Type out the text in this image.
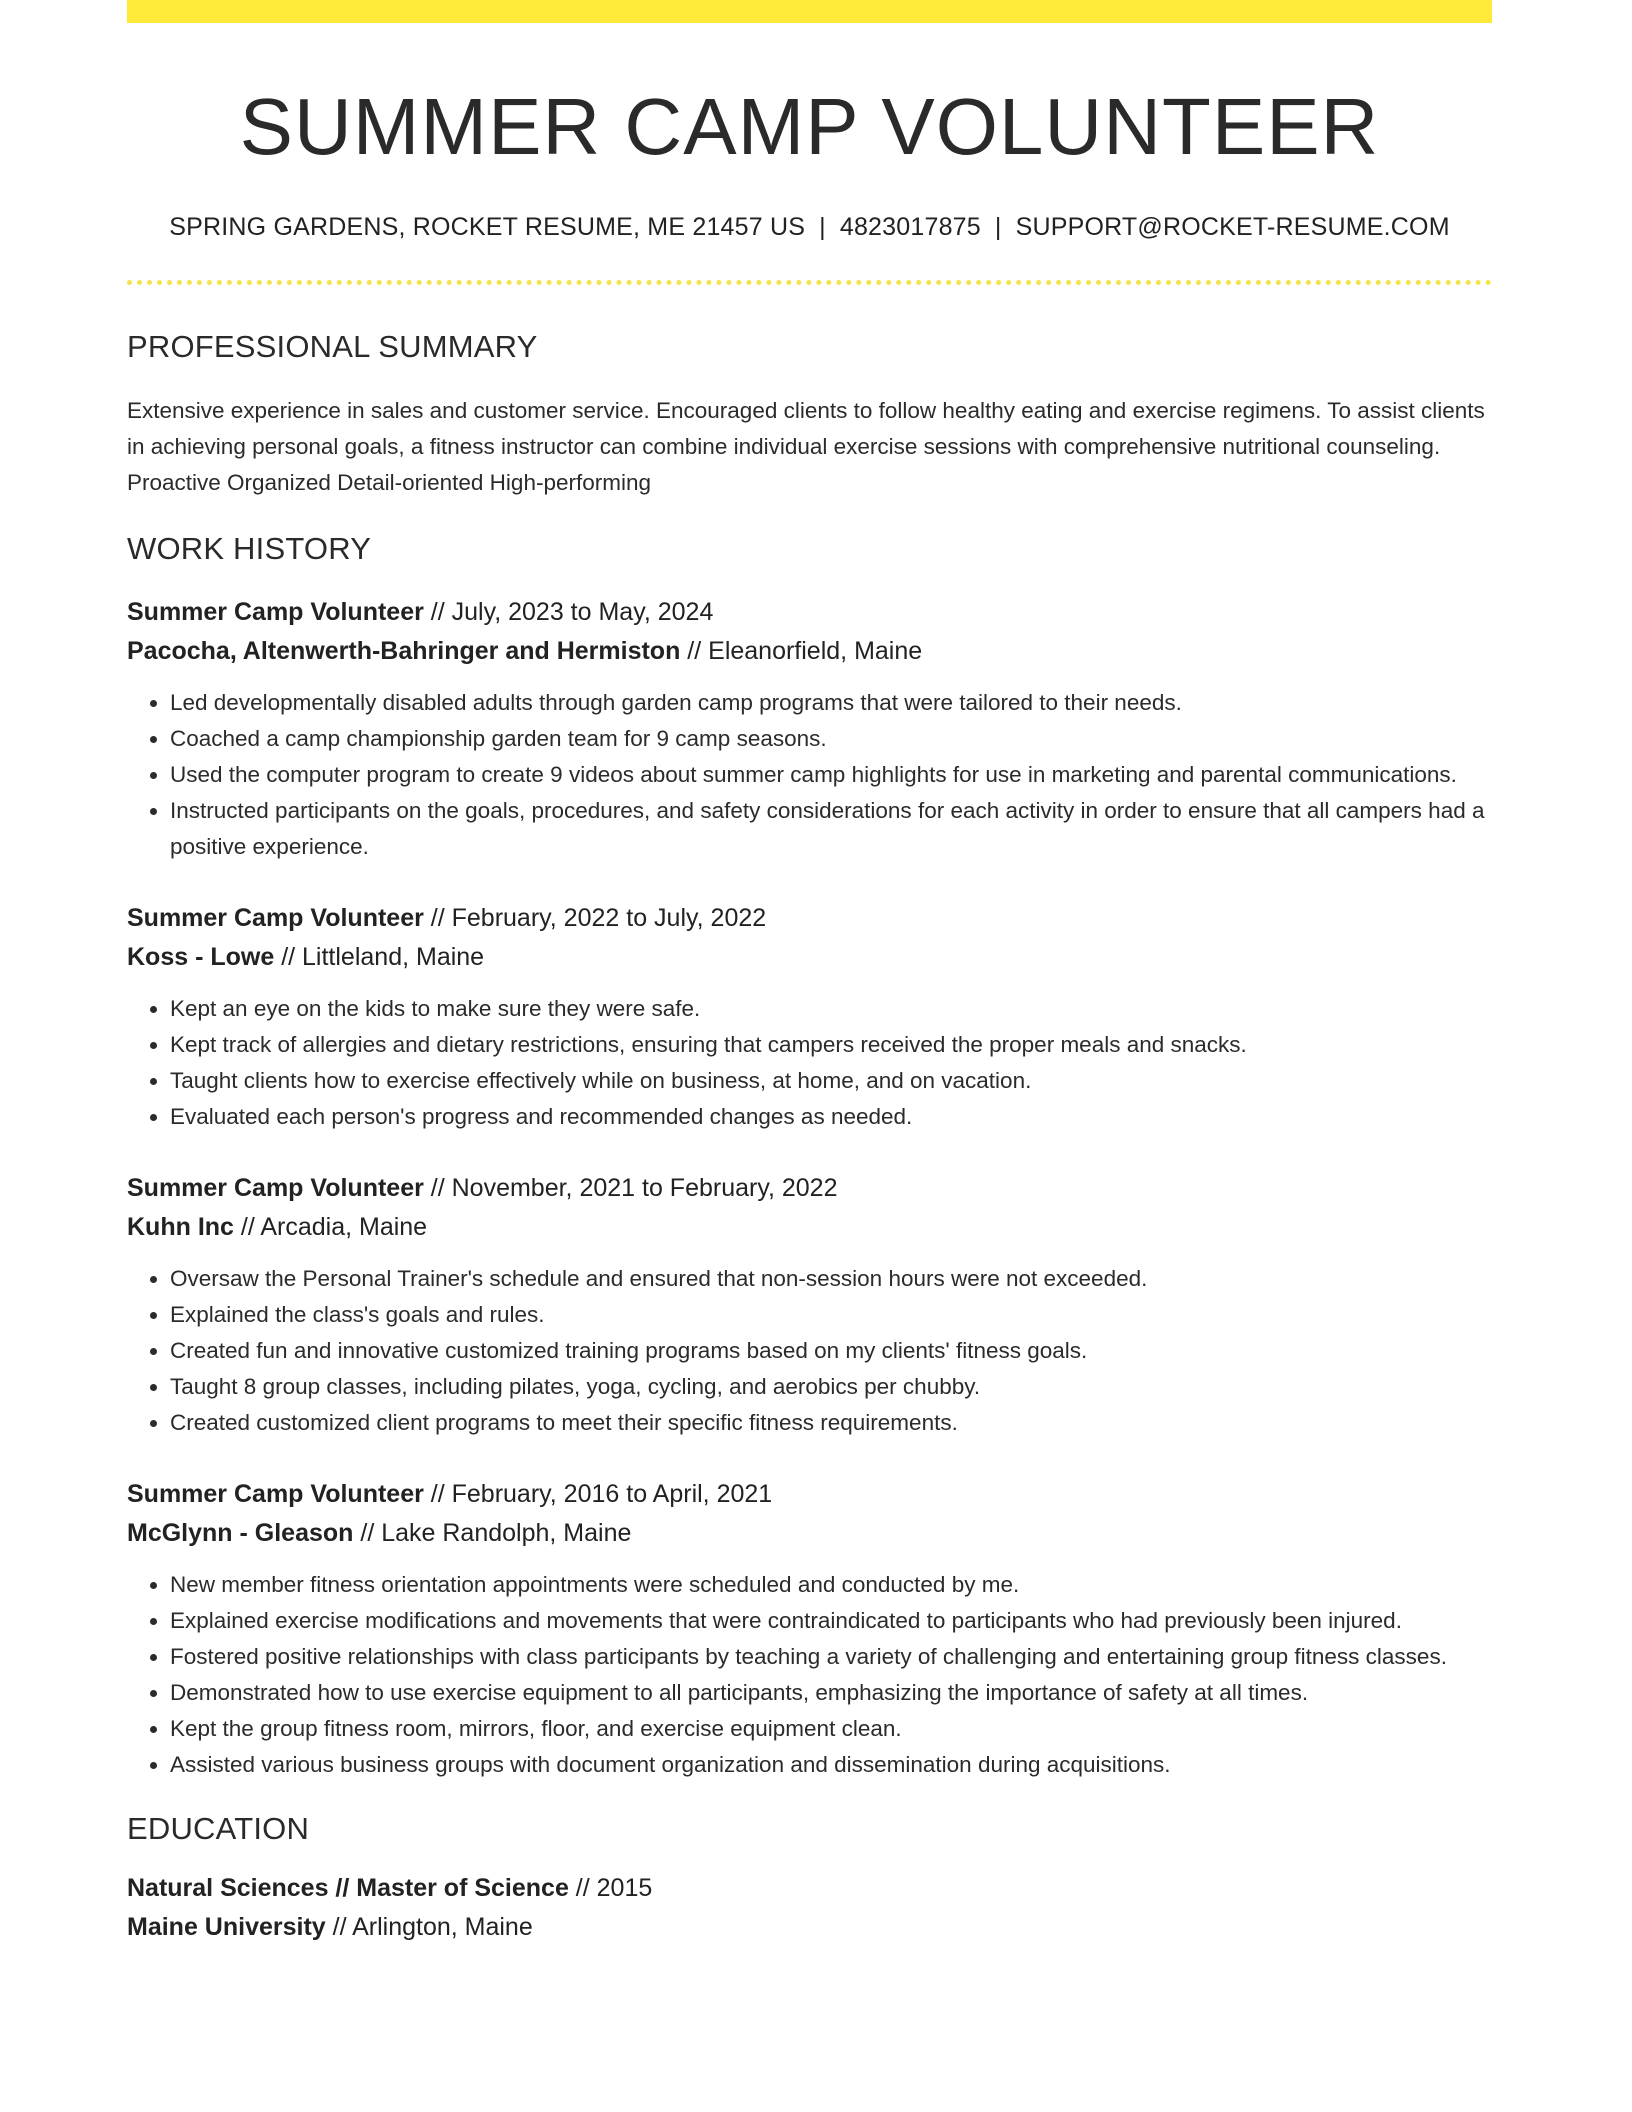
SUMMER CAMP VOLUNTEER
SPRING GARDENS, ROCKET RESUME, ME 21457 US | 4823017875 | SUPPORT@ROCKET-RESUME.COM
PROFESSIONAL SUMMARY
Extensive experience in sales and customer service. Encouraged clients to follow healthy eating and exercise regimens. To assist clients in achieving personal goals, a fitness instructor can combine individual exercise sessions with comprehensive nutritional counseling. Proactive Organized Detail-oriented High-performing
WORK HISTORY
Summer Camp Volunteer // July, 2023 to May, 2024
Pacocha, Altenwerth-Bahringer and Hermiston // Eleanorfield, Maine
• Led developmentally disabled adults through garden camp programs that were tailored to their needs.
• Coached a camp championship garden team for 9 camp seasons.
• Used the computer program to create 9 videos about summer camp highlights for use in marketing and parental communications.
• Instructed participants on the goals, procedures, and safety considerations for each activity in order to ensure that all campers had a positive experience.
Summer Camp Volunteer // February, 2022 to July, 2022
Koss - Lowe // Littleland, Maine
• Kept an eye on the kids to make sure they were safe.
• Kept track of allergies and dietary restrictions, ensuring that campers received the proper meals and snacks.
• Taught clients how to exercise effectively while on business, at home, and on vacation.
• Evaluated each person's progress and recommended changes as needed.
Summer Camp Volunteer // November, 2021 to February, 2022
Kuhn Inc // Arcadia, Maine
• Oversaw the Personal Trainer's schedule and ensured that non-session hours were not exceeded.
• Explained the class's goals and rules.
• Created fun and innovative customized training programs based on my clients' fitness goals.
• Taught 8 group classes, including pilates, yoga, cycling, and aerobics per chubby.
• Created customized client programs to meet their specific fitness requirements.
Summer Camp Volunteer // February, 2016 to April, 2021
McGlynn - Gleason // Lake Randolph, Maine
• New member fitness orientation appointments were scheduled and conducted by me.
• Explained exercise modifications and movements that were contraindicated to participants who had previously been injured.
• Fostered positive relationships with class participants by teaching a variety of challenging and entertaining group fitness classes.
• Demonstrated how to use exercise equipment to all participants, emphasizing the importance of safety at all times.
• Kept the group fitness room, mirrors, floor, and exercise equipment clean.
• Assisted various business groups with document organization and dissemination during acquisitions.
EDUCATION
Natural Sciences // Master of Science // 2015
Maine University // Arlington, Maine
